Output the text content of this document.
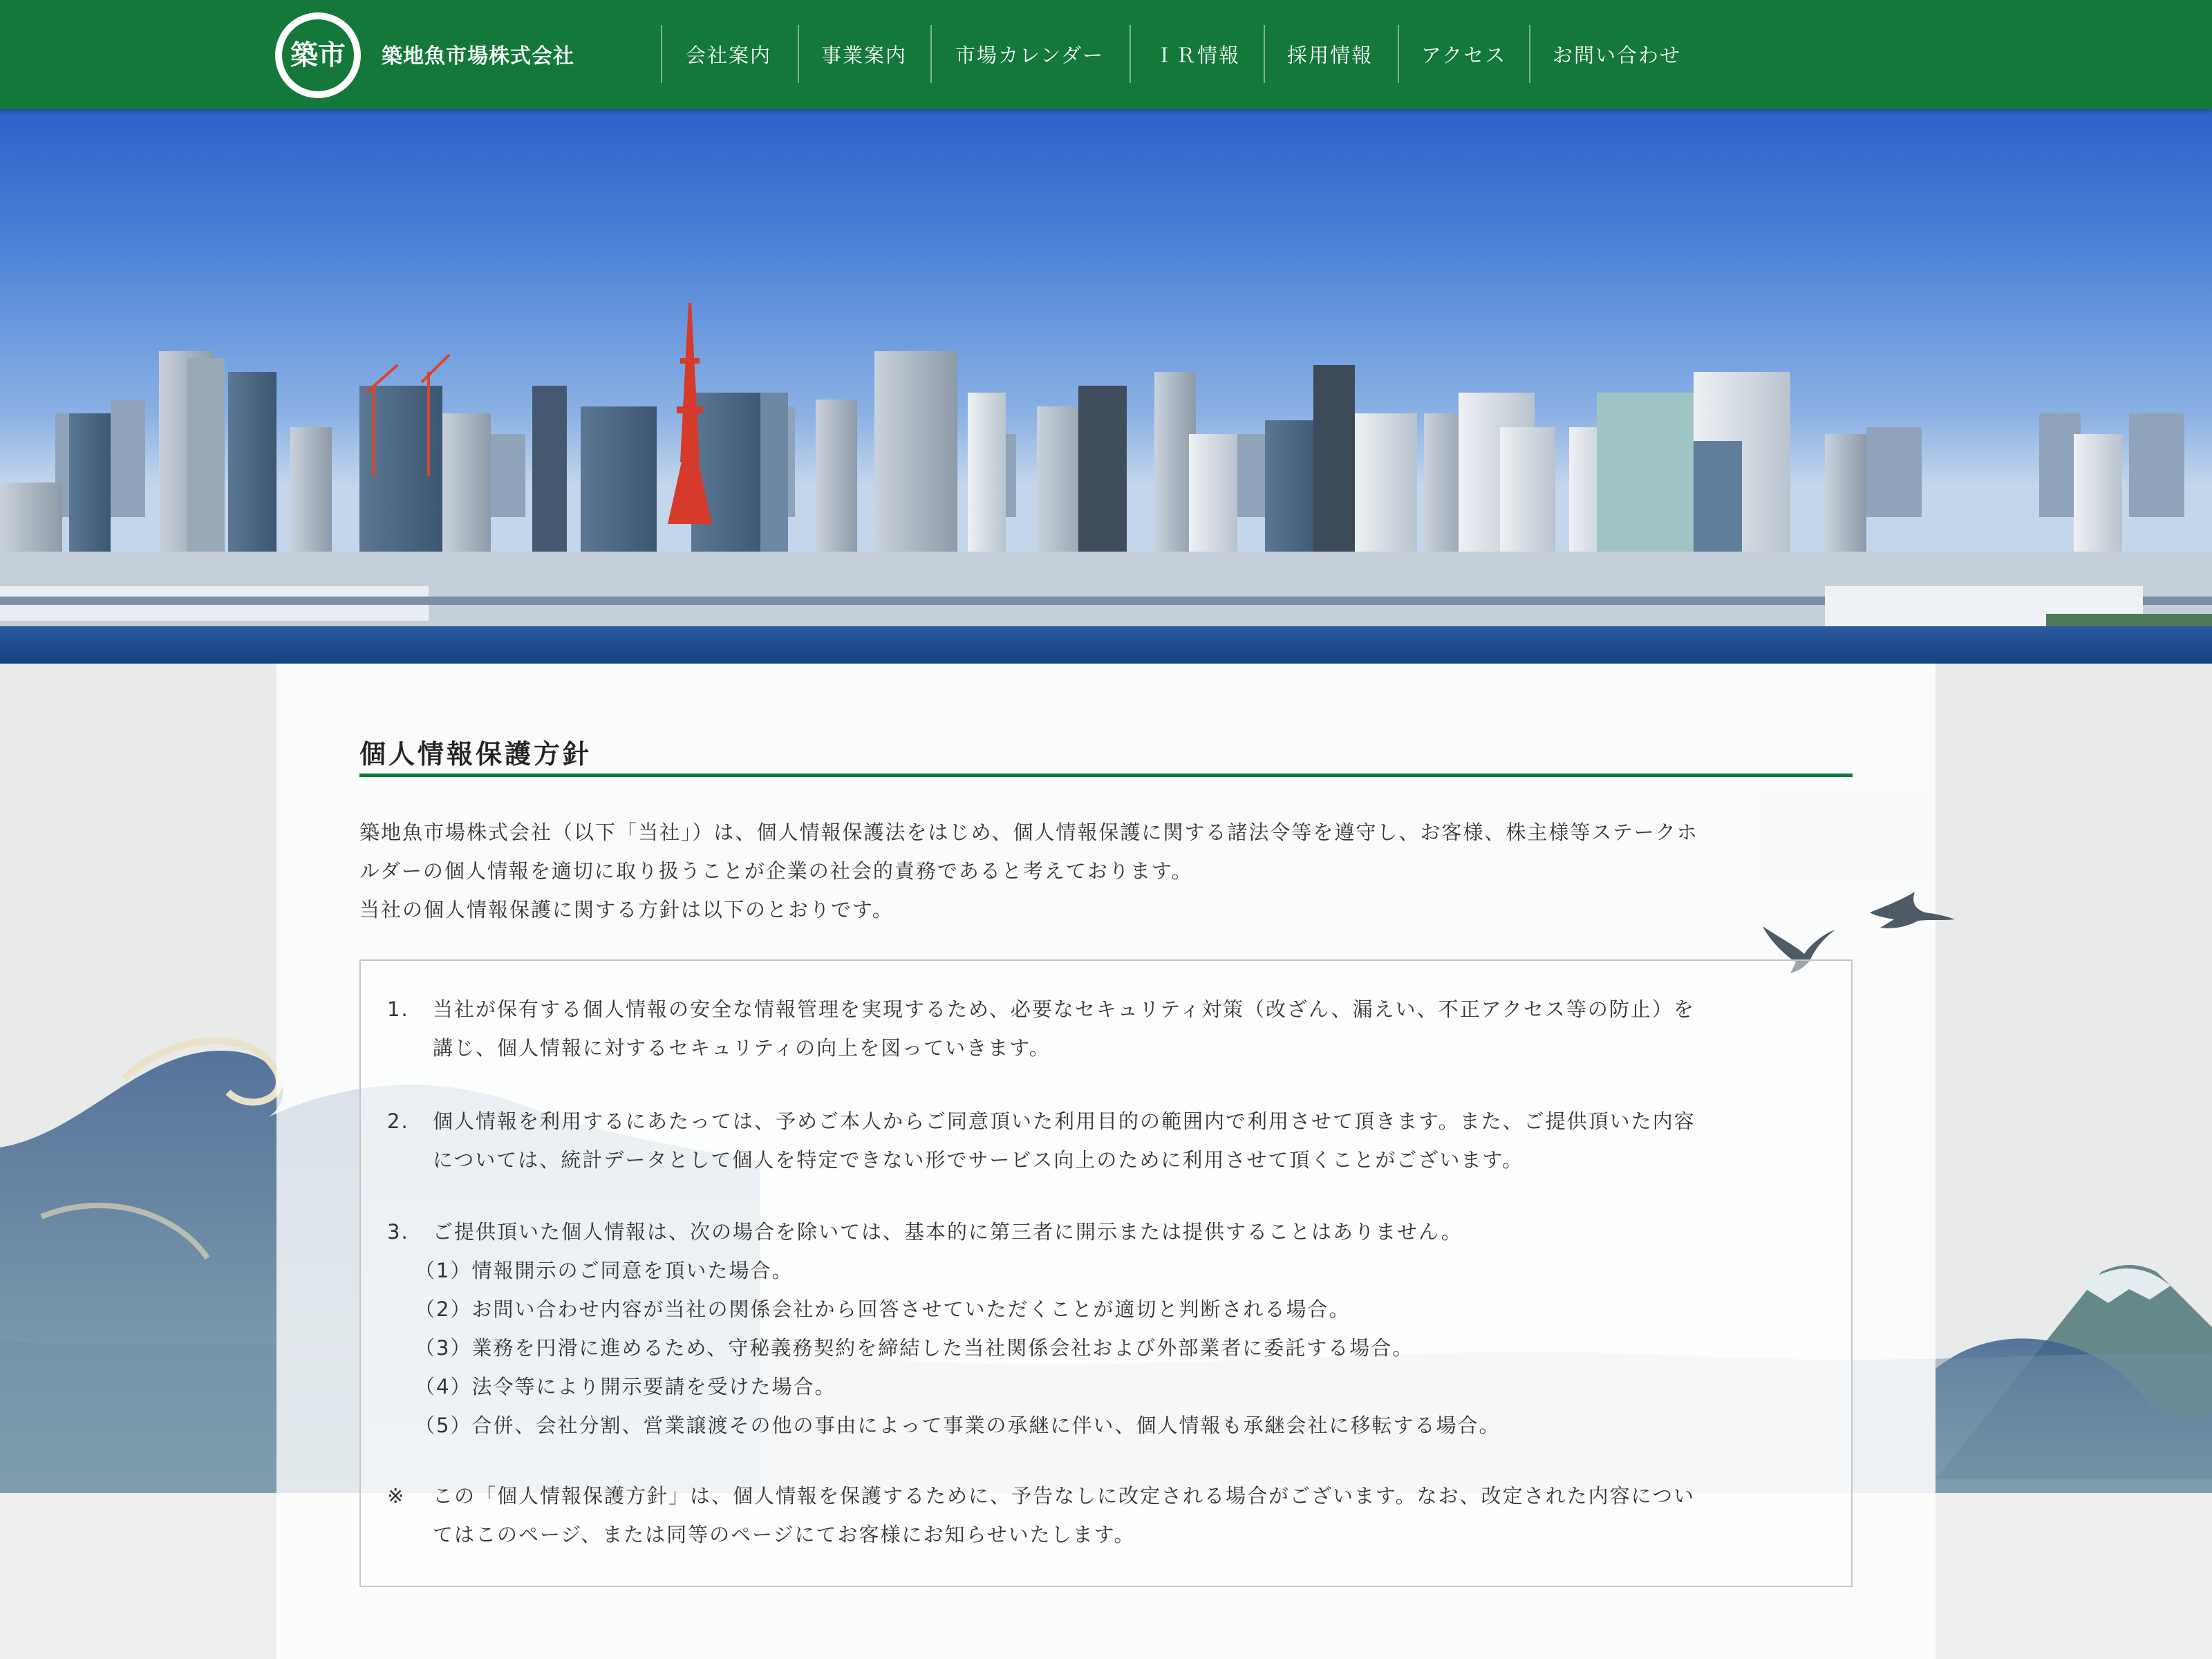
築市	築地魚市場株式会社	会社案内	事業案内	市場カレンダー	ＩＲ情報	採用情報	アクセス	お問い合わせ
個人情報保護方針

築地魚市場株式会社（以下「当社」）は、個人情報保護法をはじめ、個人情報保護に関する諸法令等を遵守し、お客様、株主様等ステークホ

ルダーの個人情報を適切に取り扱うことが企業の社会的責務であると考えております。

当社の個人情報保護に関する方針は以下のとおりです。

1.	当社が保有する個人情報の安全な情報管理を実現するため、必要なセキュリティ対策（改ざん、漏えい、不正アクセス等の防止）を
講じ、個人情報に対するセキュリティの向上を図っていきます。
2.	個人情報を利用するにあたっては、予めご本人からご同意頂いた利用目的の範囲内で利用させて頂きます。また、ご提供頂いた内容
については、統計データとして個人を特定できない形でサービス向上のために利用させて頂くことがございます。
3.	ご提供頂いた個人情報は、次の場合を除いては、基本的に第三者に開示または提供することはありません。
（1）情報開示のご同意を頂いた場合。
（2）お問い合わせ内容が当社の関係会社から回答させていただくことが適切と判断される場合。
（3）業務を円滑に進めるため、守秘義務契約を締結した当社関係会社および外部業者に委託する場合。
（4）法令等により開示要請を受けた場合。
（5）合併、会社分割、営業譲渡その他の事由によって事業の承継に伴い、個人情報も承継会社に移転する場合。
※	この「個人情報保護方針」は、個人情報を保護するために、予告なしに改定される場合がございます。なお、改定された内容につい
てはこのページ、または同等のページにてお客様にお知らせいたします。
